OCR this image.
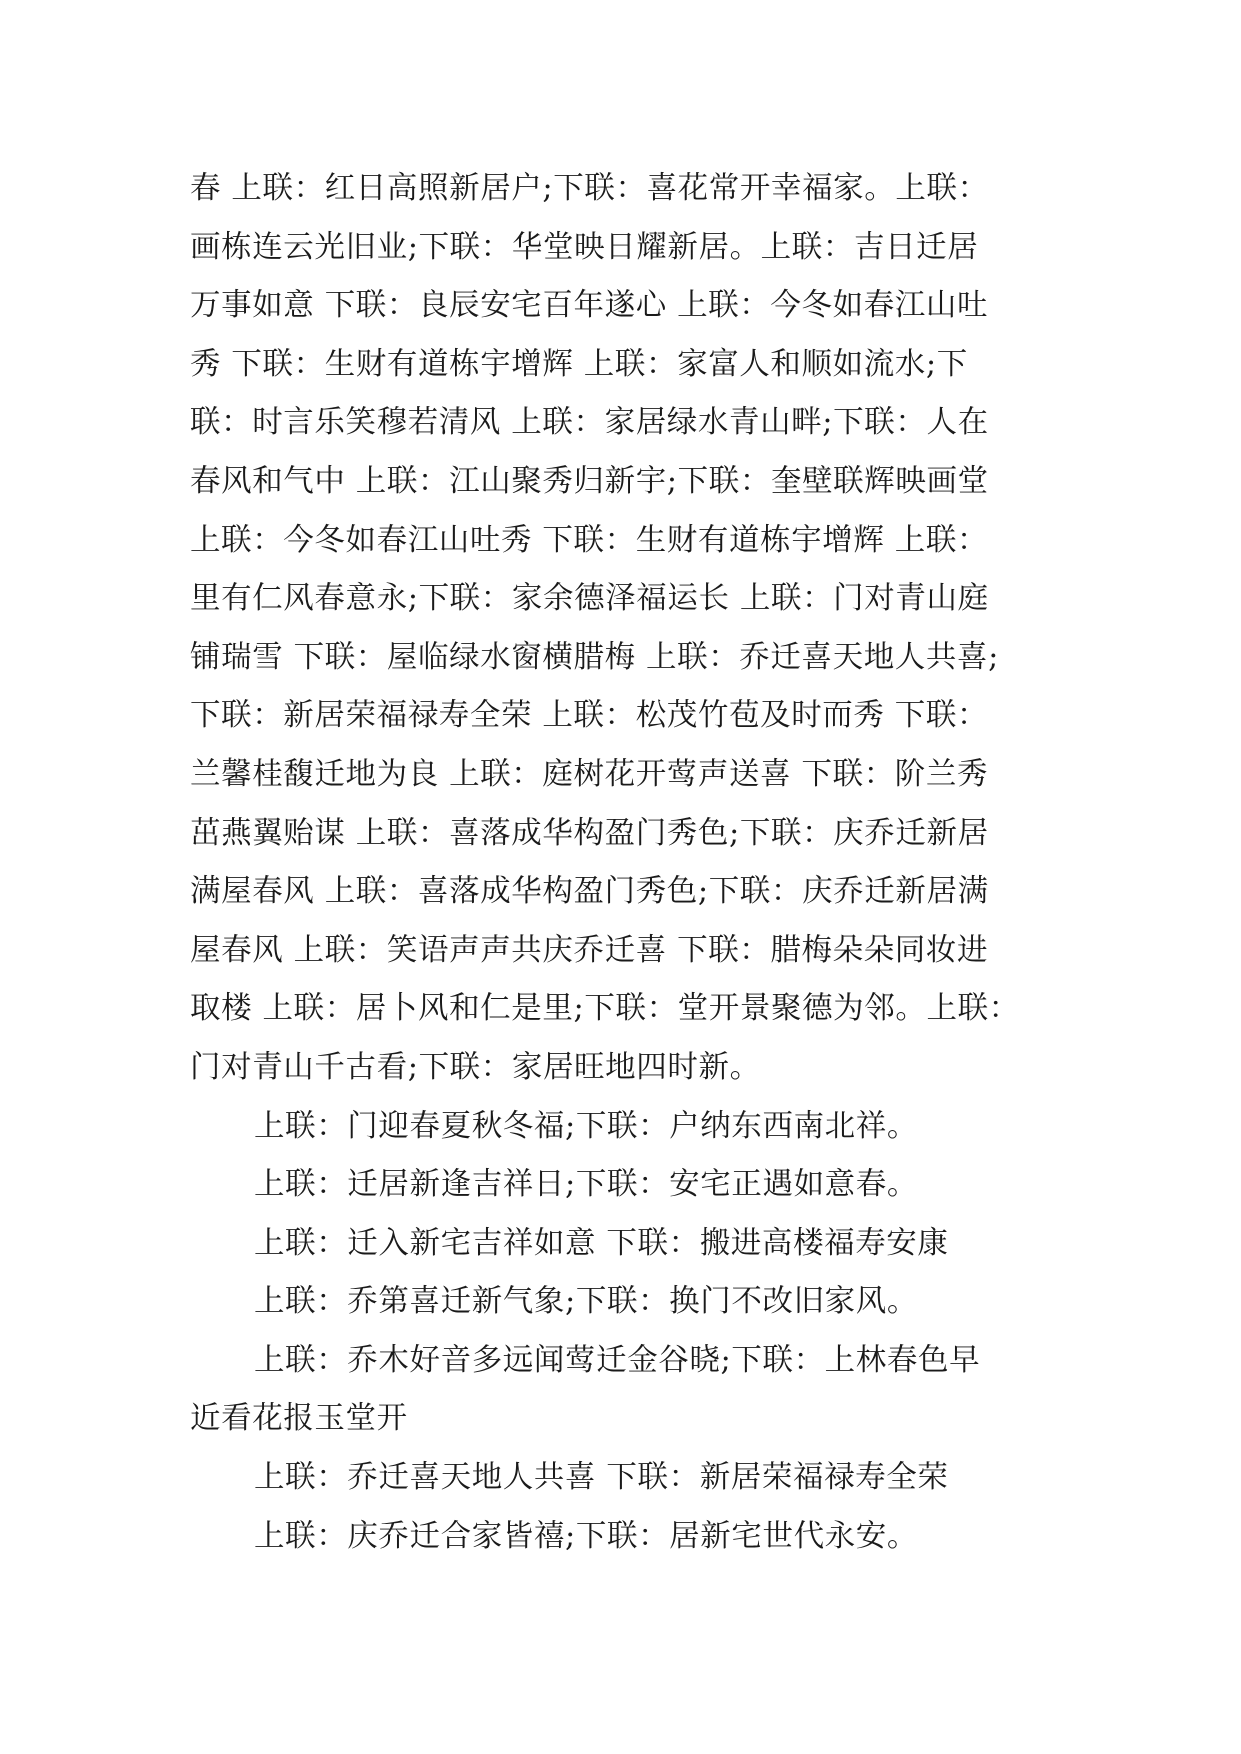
春 上联：红日高照新居户;下联：喜花常开幸福家。上联：
画栋连云光旧业;下联：华堂映日耀新居。上联：吉日迁居
万事如意 下联：良辰安宅百年遂心 上联：今冬如春江山吐
秀 下联：生财有道栋宇增辉 上联：家富人和顺如流水;下
联：时言乐笑穆若清风 上联：家居绿水青山畔;下联：人在
春风和气中 上联：江山聚秀归新宇;下联：奎壁联辉映画堂
上联：今冬如春江山吐秀 下联：生财有道栋宇增辉 上联：
里有仁风春意永;下联：家余德泽福运长 上联：门对青山庭
铺瑞雪 下联：屋临绿水窗横腊梅 上联：乔迁喜天地人共喜;
下联：新居荣福禄寿全荣 上联：松茂竹苞及时而秀 下联：
兰馨桂馥迁地为良 上联：庭树花开莺声送喜 下联：阶兰秀
茁燕翼贻谋 上联：喜落成华构盈门秀色;下联：庆乔迁新居
满屋春风 上联：喜落成华构盈门秀色;下联：庆乔迁新居满
屋春风 上联：笑语声声共庆乔迁喜 下联：腊梅朵朵同妆进
取楼 上联：居卜风和仁是里;下联：堂开景聚德为邻。上联：
门对青山千古看;下联：家居旺地四时新。
上联：门迎春夏秋冬福;下联：户纳东西南北祥。
上联：迁居新逢吉祥日;下联：安宅正遇如意春。
上联：迁入新宅吉祥如意 下联：搬进高楼福寿安康
上联：乔第喜迁新气象;下联：换门不改旧家风。
上联：乔木好音多远闻莺迁金谷晓;下联：上林春色早
近看花报玉堂开
上联：乔迁喜天地人共喜 下联：新居荣福禄寿全荣
上联：庆乔迁合家皆禧;下联：居新宅世代永安。
